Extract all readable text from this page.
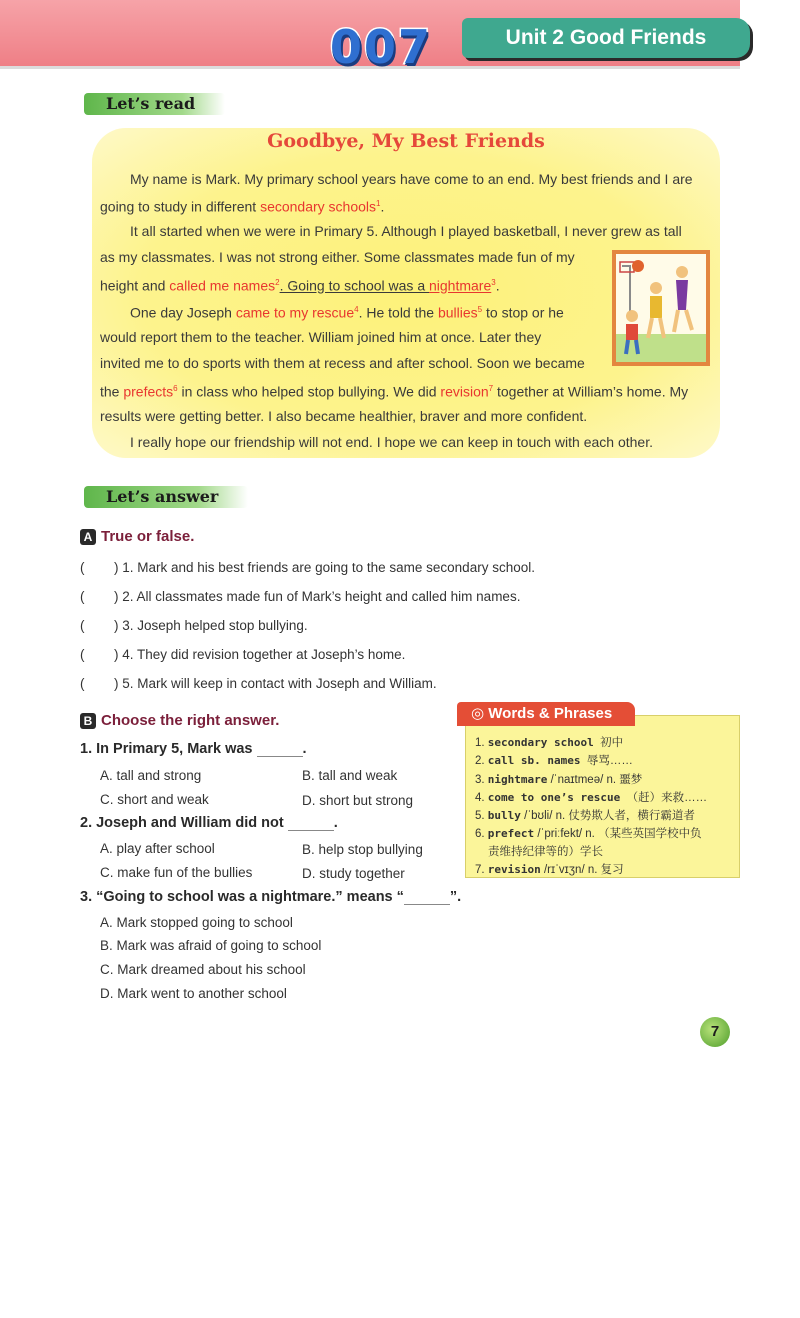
007	Unit 2 Good Friends
Let’s read
Goodbye, My Best Friends
My name is Mark. My primary school years have come to an end. My best friends and I are
going to study in different secondary schools$^1$.
It all started when we were in Primary 5. Although I played basketball, I never grew as tall
as my classmates. I was not strong either. Some classmates made fun of my
height and called me names$^2$. Going to school was a nightmare$^3$.
One day Joseph came to my rescue$^4$. He told the bullies$^5$ to stop or he
would report them to the teacher. William joined him at once. Later they
invited me to do sports with them at recess and after school. Soon we became
the prefects$^6$ in class who helped stop bullying. We did revision$^7$ together at William’s home. My
results were getting better. I also became healthier, braver and more confident.
I really hope our friendship will not end. I hope we can keep in touch with each other.
Let’s answer
A True or false.
( ) 1. Mark and his best friends are going to the same secondary school.
( ) 2. All classmates made fun of Mark’s height and called him names.
( ) 3. Joseph helped stop bullying.
( ) 4. They did revision together at Joseph’s home.
( ) 5. Mark will keep in contact with Joseph and William.
B Choose the right answer.
1. In Primary 5, Mark was	.
A. tall and strong	B. tall and weak
C. short and weak	D. short but strong
2. Joseph and William did not	.
A. play after school	B. help stop bullying
C. make fun of the bullies	D. study together
3. “Going to school was a nightmare.” means “	”.
A. Mark stopped going to school
B. Mark was afraid of going to school
C. Mark dreamed about his school
D. Mark went to another school
◎ Words & Phrases
1. secondary school 初中
2. call sb. names 辱骂……
3. nightmare /ˈnaɪtmeə/ n. 噩梦
4. come to one’s rescue （赶）来救……
5. bully /ˈbʊli/ n. 仗势欺人者，横行霸道者
6. prefect /ˈpriːfekt/ n. （某些英国学校中负
责维持纪律等的）学长
7. revision /rɪˈvɪʒn/ n. 复习
7
